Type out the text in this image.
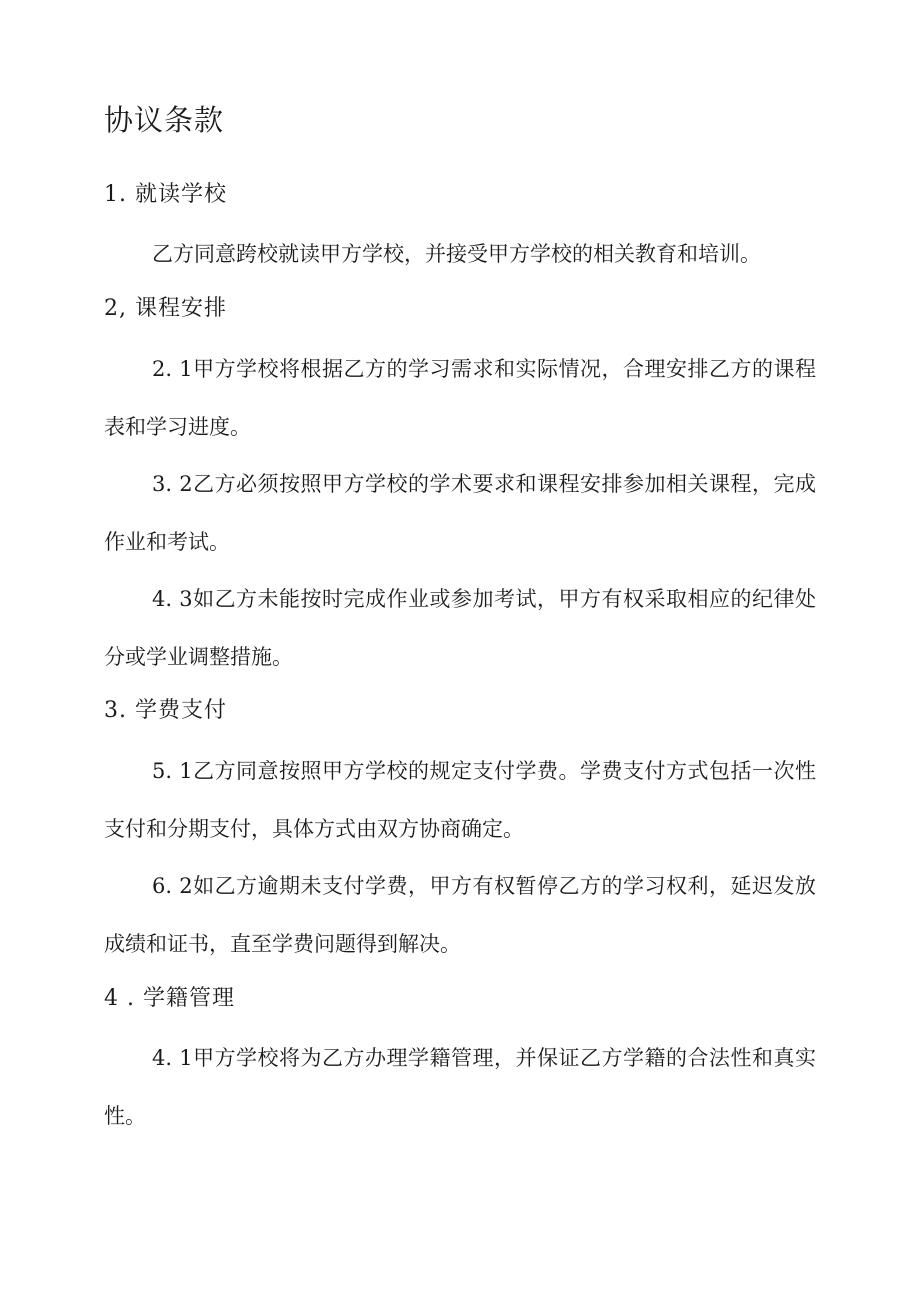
协议条款
1. 就读学校
乙方同意跨校就读甲方学校，并接受甲方学校的相关教育和培训。
2, 课程安排
2. 1甲方学校将根据乙方的学习需求和实际情况，合理安排乙方的课程表和学习进度。
3. 2乙方必须按照甲方学校的学术要求和课程安排参加相关课程，完成作业和考试。
4. 3如乙方未能按时完成作业或参加考试，甲方有权采取相应的纪律处分或学业调整措施。
3. 学费支付
5. 1乙方同意按照甲方学校的规定支付学费。学费支付方式包括一次性支付和分期支付，具体方式由双方协商确定。
6. 2如乙方逾期未支付学费，甲方有权暂停乙方的学习权利，延迟发放成绩和证书，直至学费问题得到解决。
4 . 学籍管理
4. 1甲方学校将为乙方办理学籍管理，并保证乙方学籍的合法性和真实性。
